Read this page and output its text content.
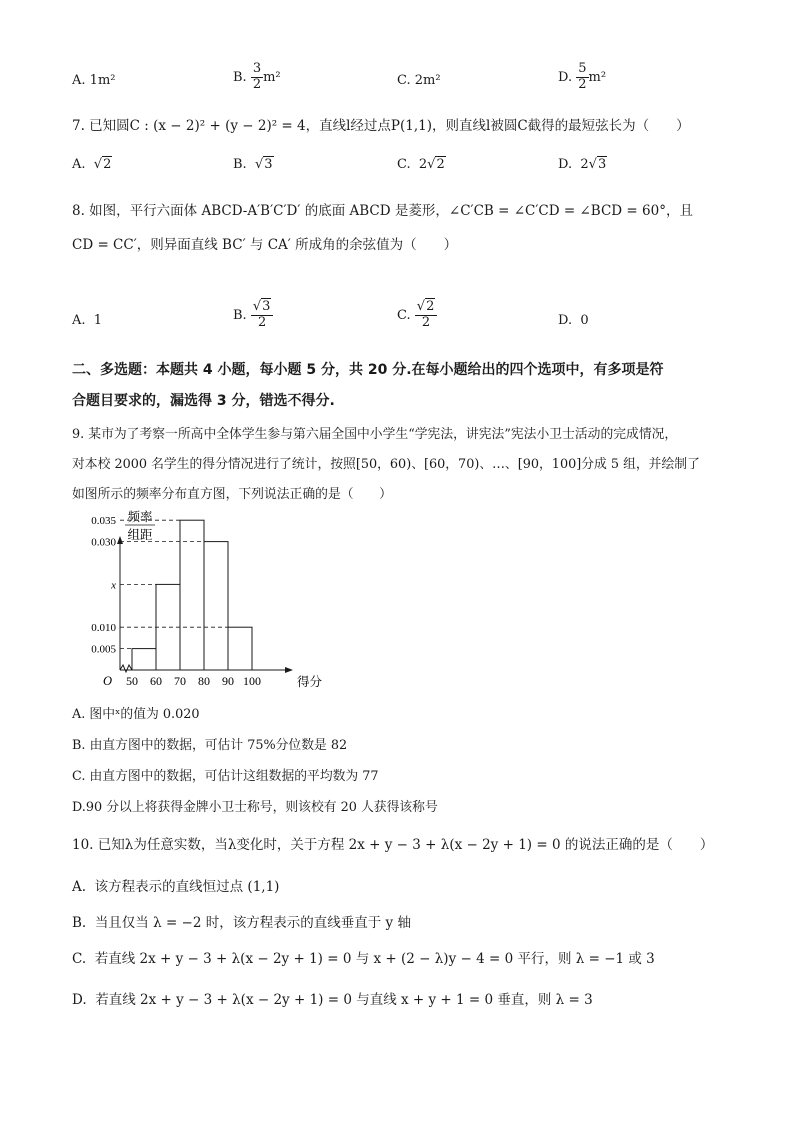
A. 1m²	B. $\frac{3}{2} m^2$	C. 2m²	D. $\frac{5}{2} m^2$
7. 已知圆C : (x − 2)² + (y − 2)² = 4，直线l经过点P(1,1)，则直线l被圆C截得的最短弦长为（　　）
A. √2	B. √3	C. 2√2	D. 2√3
8. 如图，平行六面体 ABCD-A′B′C′D′ 的底面 ABCD 是菱形，∠C′CB = ∠C′CD = ∠BCD = 60°，且
CD = CC′，则异面直线 BC′ 与 CA′ 所成角的余弦值为（　　）
A. 1	B. $\frac{√3}{2}$	C. $\frac{√2}{2}$	D. 0
二、多选题：本题共 4 小题，每小题 5 分，共 20 分.在每小题给出的四个选项中，有多项是符
合题目要求的，漏选得 3 分，错选不得分.
9. 某市为了考察一所高中全体学生参与第六届全国中小学生“学宪法，讲宪法”宪法小卫士活动的完成情况，
对本校 2000 名学生的得分情况进行了统计，按照[50，60)、[60，70)、…、[90，100]分成 5 组，并绘制了
如图所示的频率分布直方图，下列说法正确的是（　　）
0.035
0.030
x
0.010
0.005
50 60 70 80 90 100	得分
O
频率
组距
A. 图中ˣ的值为 0.020
B. 由直方图中的数据，可估计 75%分位数是 82
C. 由直方图中的数据，可估计这组数据的平均数为 77
D.90 分以上将获得金牌小卫士称号，则该校有 20 人获得该称号
10. 已知λ为任意实数，当λ变化时，关于方程 2x + y − 3 + λ(x − 2y + 1) = 0 的说法正确的是（　　）
A. 该方程表示的直线恒过点 (1,1)
B. 当且仅当 λ = −2 时，该方程表示的直线垂直于 y 轴
C. 若直线 2x + y − 3 + λ(x − 2y + 1) = 0 与 x + (2 − λ)y − 4 = 0 平行，则 λ = −1 或 3
D. 若直线 2x + y − 3 + λ(x − 2y + 1) = 0 与直线 x + y + 1 = 0 垂直，则 λ = 3
